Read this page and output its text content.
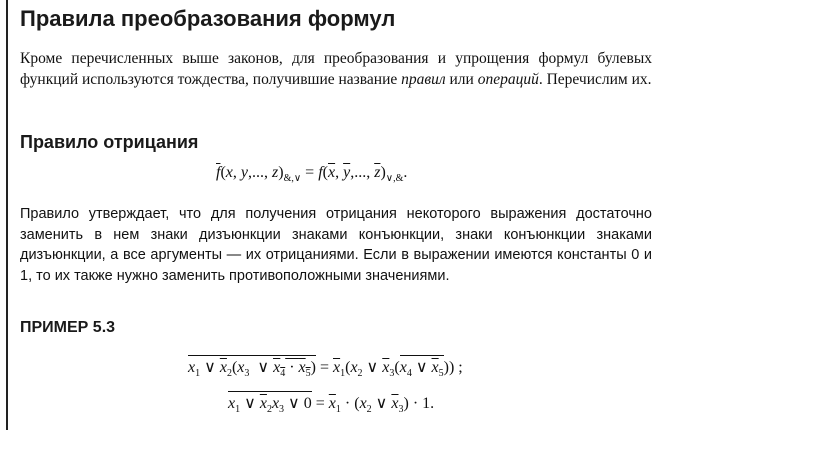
Правила преобразования формул
Кроме перечисленных выше законов, для преобразования и упрощения формул булевых функций используются тождества, получившие название правил или операций. Перечислим их.
Правило отрицания
$\overline{f}(x$, y,..., $z)_{\&,\vee} = f(\overline{x}$, $\overline{y}$,..., $\overline{z})_{\vee,\&}$.
Правило утверждает, что для получения отрицания некоторого выражения достаточно заменить в нем знаки дизъюнкции знаками конъюнкции, знаки конъюнкции знаками дизъюнкции, а все аргументы — их отрицаниями. Если в выражении имеются константы 0 и 1, то их также нужно заменить противоположными значениями.
ПРИМЕР 5.3
$x_1$ ∨ $\overline{x}_2(x_3$  ∨ $x_4 \cdot x_5) = \overline{x}_1(x_2$ ∨ $\overline{x}_3(x_4$ ∨ $\overline{x}_5$)) ;
$x_1$ ∨ $\overline{x}_2x_3$ ∨ $0 = \overline{x}_1 \cdot (x_2$ ∨ $\overline{x}_3) \cdot 1$.
